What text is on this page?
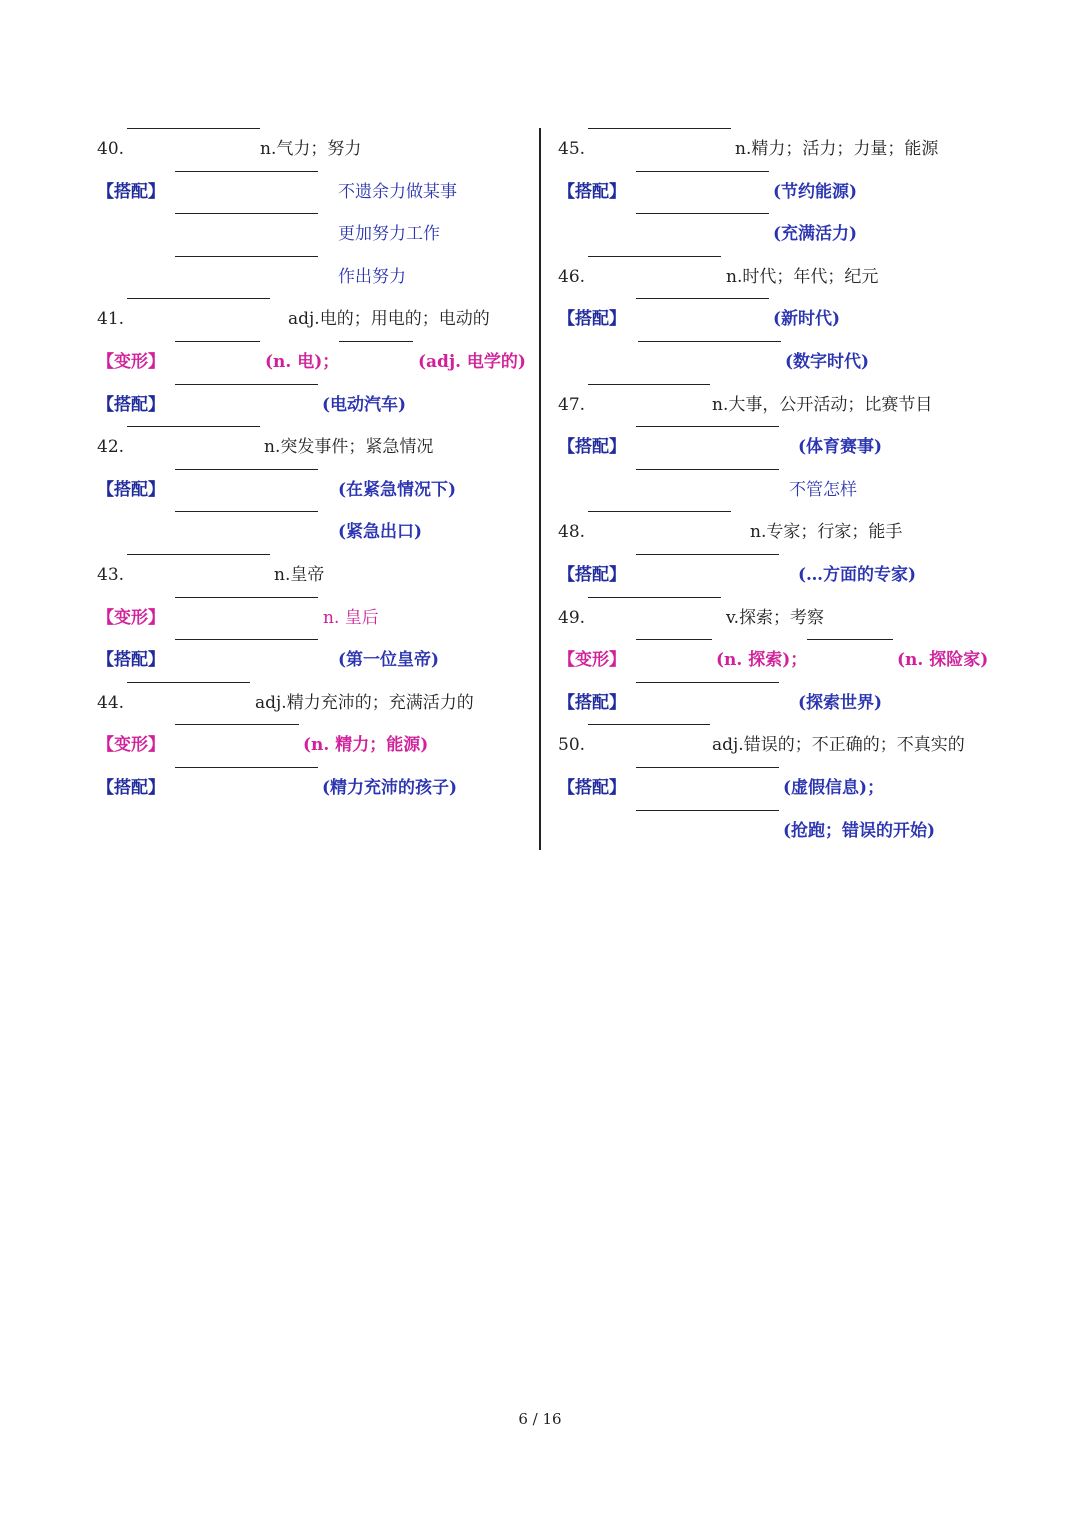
40.	n.气力；努力
【搭配】	不遗余力做某事
更加努力工作
作出努力
41.	adj.电的；用电的；电动的
【变形】	(n. 电)；	(adj. 电学的)
【搭配】	(电动汽车)
42.	n.突发事件；紧急情况
【搭配】	(在紧急情况下)
(紧急出口)
43.	n.皇帝
【变形】	n. 皇后
【搭配】	(第一位皇帝)
44.	adj.精力充沛的；充满活力的
【变形】	(n. 精力；能源)
【搭配】	(精力充沛的孩子)
45.	n.精力；活力；力量；能源
【搭配】	(节约能源)
(充满活力)
46.	n.时代；年代；纪元
【搭配】	(新时代)
(数字时代)
47.	n.大事，公开活动；比赛节目
【搭配】	(体育赛事)
不管怎样
48.	n.专家；行家；能手
【搭配】	(…方面的专家)
49.	v.探索；考察
【变形】	(n. 探索)；	(n. 探险家)
【搭配】	(探索世界)
50.	adj.错误的；不正确的；不真实的
【搭配】	(虚假信息)；
(抢跑；错误的开始)
6 / 16
